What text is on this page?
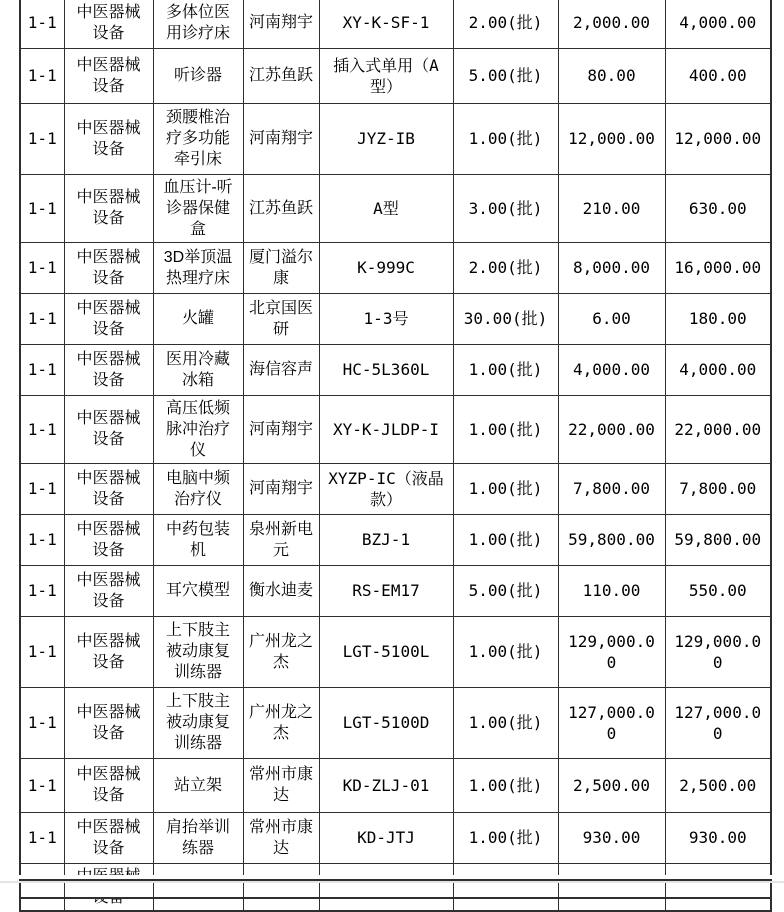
1-1	中医器械设备	多体位医用诊疗床	河南翔宇	XY-K-SF-1	2.00(批)	2,000.00	4,000.00
1-1	中医器械设备	听诊器	江苏鱼跃	插入式单用（A型）	5.00(批)	80.00	400.00
1-1	中医器械设备	颈腰椎治疗多功能牵引床	河南翔宇	JYZ-IB	1.00(批)	12,000.00	12,000.00
1-1	中医器械设备	血压计-听诊器保健盒	江苏鱼跃	A型	3.00(批)	210.00	630.00
1-1	中医器械设备	3D举顶温热理疗床	厦门溢尔康	K-999C	2.00(批)	8,000.00	16,000.00
1-1	中医器械设备	火罐	北京国医研	1-3号	30.00(批)	6.00	180.00
1-1	中医器械设备	医用冷藏冰箱	海信容声	HC-5L360L	1.00(批)	4,000.00	4,000.00
1-1	中医器械设备	高压低频脉冲治疗仪	河南翔宇	XY-K-JLDP-I	1.00(批)	22,000.00	22,000.00
1-1	中医器械设备	电脑中频治疗仪	河南翔宇	XYZP-IC（液晶款）	1.00(批)	7,800.00	7,800.00
1-1	中医器械设备	中药包装机	泉州新电元	BZJ-1	1.00(批)	59,800.00	59,800.00
1-1	中医器械设备	耳穴模型	衡水迪麦	RS-EM17	5.00(批)	110.00	550.00
1-1	中医器械设备	上下肢主被动康复训练器	广州龙之杰	LGT-5100L	1.00(批)	129,000.00	129,000.00
1-1	中医器械设备	上下肢主被动康复训练器	广州龙之杰	LGT-5100D	1.00(批)	127,000.00	127,000.00
1-1	中医器械设备	站立架	常州市康达	KD-ZLJ-01	1.00(批)	2,500.00	2,500.00
1-1	中医器械设备	肩抬举训练器	常州市康达	KD-JTJ	1.00(批)	930.00	930.00
